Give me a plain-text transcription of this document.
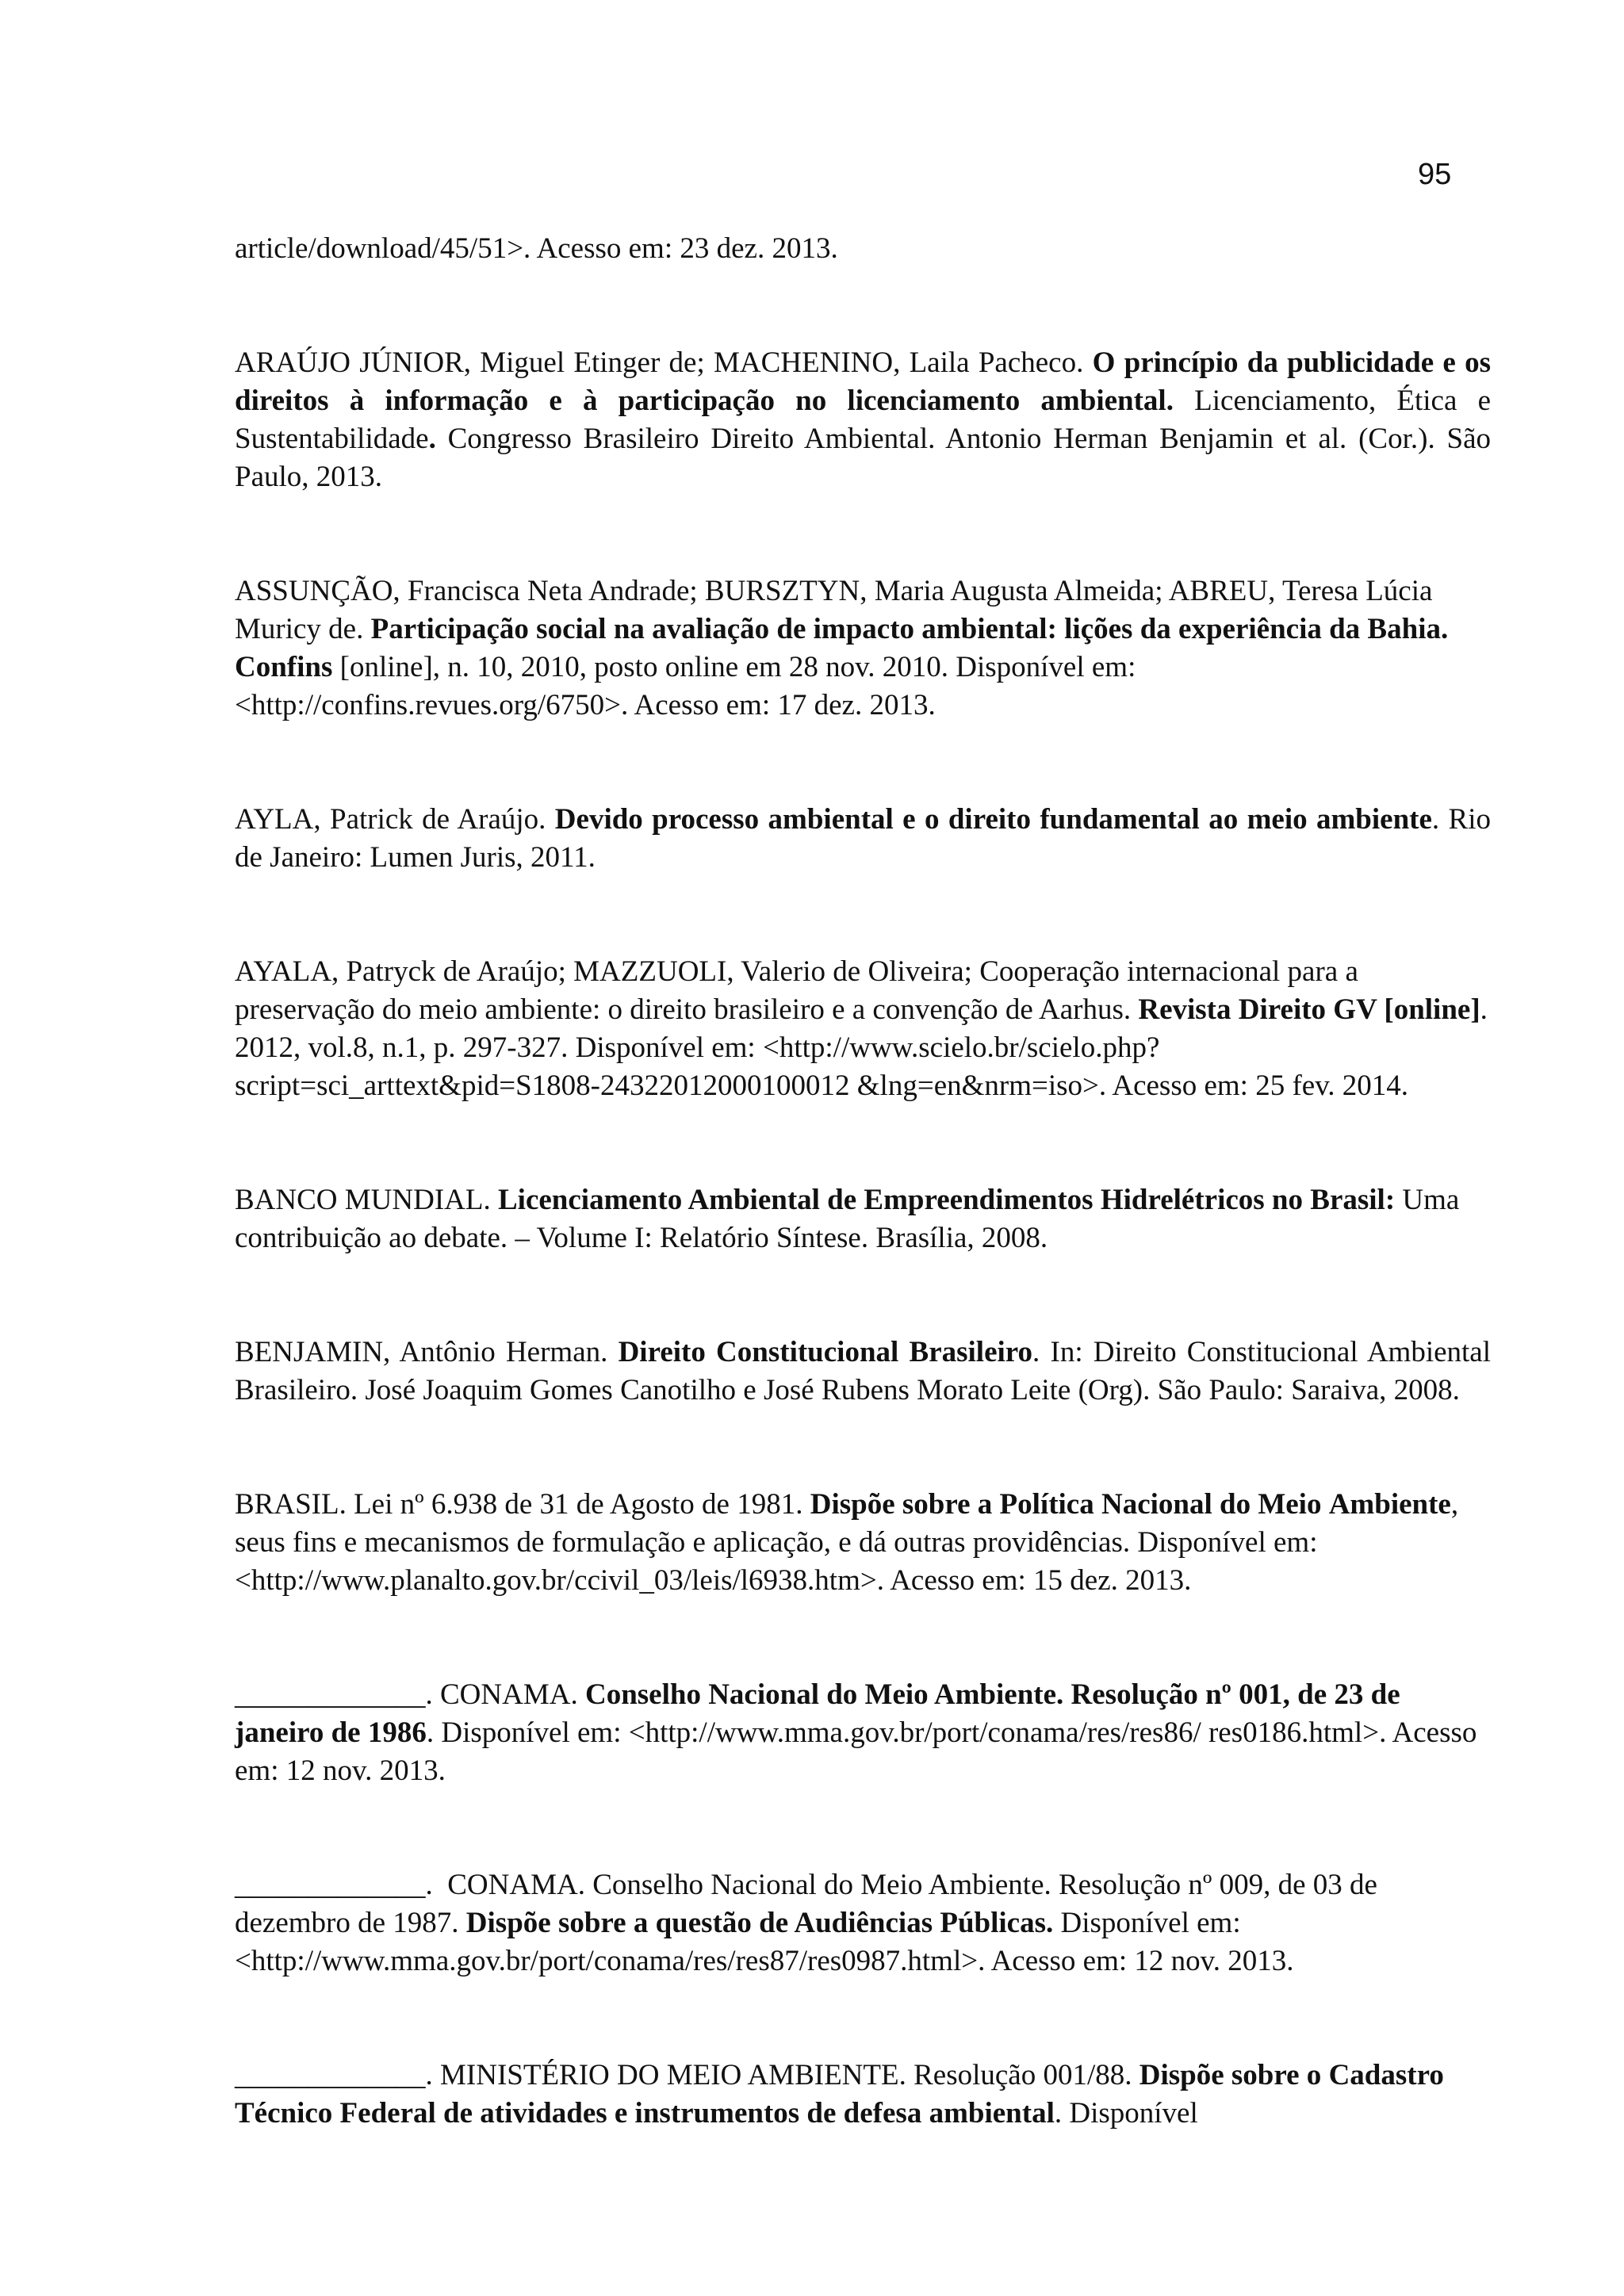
95
article/download/45/51>. Acesso em: 23 dez. 2013.
ARAÚJO JÚNIOR, Miguel Etinger de; MACHENINO, Laila Pacheco. O princípio da publicidade e os direitos à informação e à participação no licenciamento ambiental. Licenciamento, Ética e Sustentabilidade. Congresso Brasileiro Direito Ambiental. Antonio Herman Benjamin et al. (Cor.). São Paulo, 2013.
ASSUNÇÃO, Francisca Neta Andrade; BURSZTYN, Maria Augusta Almeida; ABREU, Teresa Lúcia Muricy de. Participação social na avaliação de impacto ambiental: lições da experiência da Bahia. Confins [online], n. 10, 2010, posto online em 28 nov. 2010. Disponível em: <http://confins.revues.org/6750>. Acesso em: 17 dez. 2013.
AYLA, Patrick de Araújo. Devido processo ambiental e o direito fundamental ao meio ambiente. Rio de Janeiro: Lumen Juris, 2011.
AYALA, Patryck de Araújo; MAZZUOLI, Valerio de Oliveira; Cooperação internacional para a preservação do meio ambiente: o direito brasileiro e a convenção de Aarhus. Revista Direito GV [online]. 2012, vol.8, n.1, p. 297-327. Disponível em: <http://www.scielo.br/scielo.php?script=sci_arttext&pid=S1808-24322012000100012 &lng=en&nrm=iso>. Acesso em: 25 fev. 2014.
BANCO MUNDIAL. Licenciamento Ambiental de Empreendimentos Hidrelétricos no Brasil: Uma contribuição ao debate. – Volume I: Relatório Síntese. Brasília, 2008.
BENJAMIN, Antônio Herman. Direito Constitucional Brasileiro. In: Direito Constitucional Ambiental Brasileiro. José Joaquim Gomes Canotilho e José Rubens Morato Leite (Org). São Paulo: Saraiva, 2008.
BRASIL. Lei nº 6.938 de 31 de Agosto de 1981. Dispõe sobre a Política Nacional do Meio Ambiente, seus fins e mecanismos de formulação e aplicação, e dá outras providências. Disponível em: <http://www.planalto.gov.br/ccivil_03/leis/l6938.htm>. Acesso em: 15 dez. 2013.
_____________. CONAMA. Conselho Nacional do Meio Ambiente. Resolução nº 001, de 23 de janeiro de 1986. Disponível em: <http://www.mma.gov.br/port/conama/res/res86/ res0186.html>. Acesso em: 12 nov. 2013.
_____________.  CONAMA. Conselho Nacional do Meio Ambiente. Resolução nº 009, de 03 de dezembro de 1987. Dispõe sobre a questão de Audiências Públicas. Disponível em: <http://www.mma.gov.br/port/conama/res/res87/res0987.html>. Acesso em: 12 nov. 2013.
_____________. MINISTÉRIO DO MEIO AMBIENTE. Resolução 001/88. Dispõe sobre o Cadastro Técnico Federal de atividades e instrumentos de defesa ambiental. Disponível
